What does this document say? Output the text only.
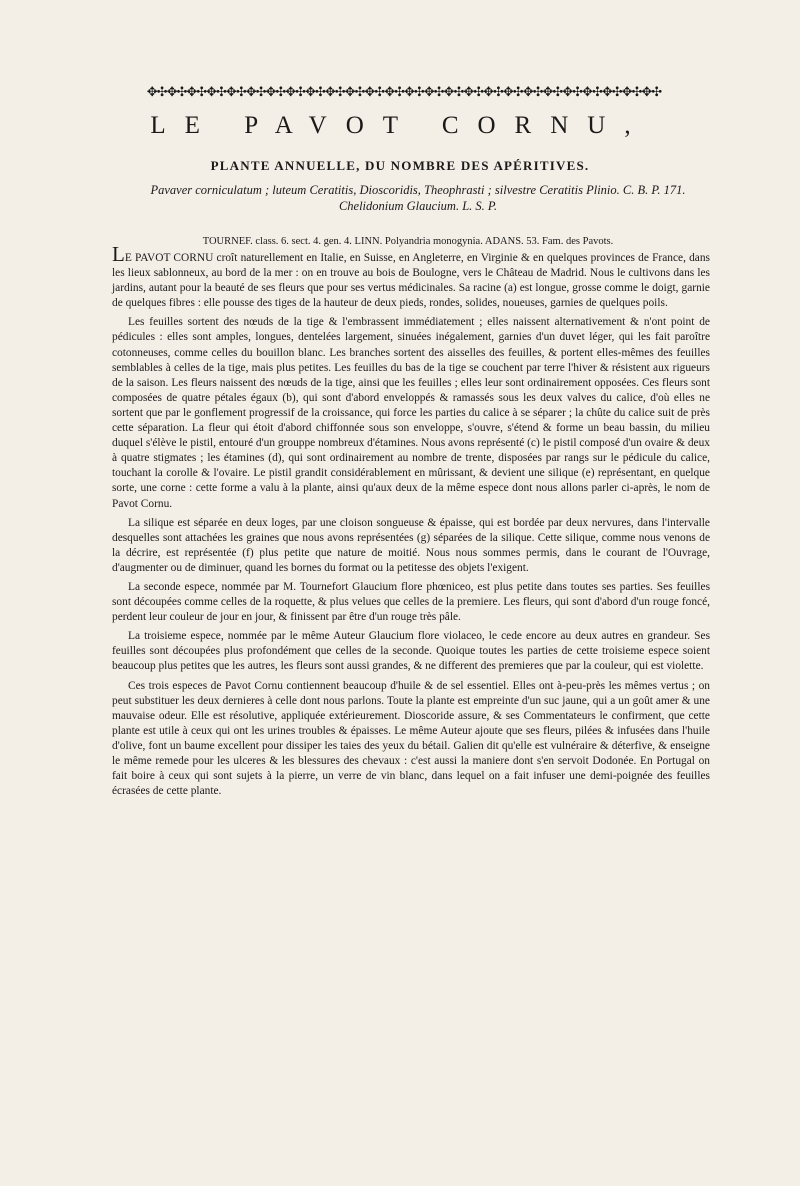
✥✣✥✣✥✣✥✣✥✣✥✣✥✣✥✣✥✣✥✣✥✣✥✣✥✣✥✣✥✣✥✣✥✣✥✣✥✣✥✣✥✣✥✣✥✣✥✣✥✣✥✣
LE PAVOT CORNU,
PLANTE ANNUELLE, DU NOMBRE DES APÉRITIVES.
Pavaver corniculatum ; luteum Ceratitis, Dioscoridis, Theophrasti ; silvestre Ceratitis Plinio. C. B. P. 171.
Chelidonium Glaucium. L. S. P.
TOURNEF. class. 6. sect. 4. gen. 4. LINN. Polyandria monogynia. ADANS. 53. Fam. des Pavots.

LE PAVOT CORNU croît naturellement en Italie, en Suisse, en Angleterre, en Virginie & en quelques provinces de France, dans les lieux sablonneux, au bord de la mer : on en trouve au bois de Boulogne, vers le Château de Madrid. Nous le cultivons dans les jardins, autant pour la beauté de ses fleurs que pour ses vertus médicinales. Sa racine (a) est longue, grosse comme le doigt, garnie de quelques fibres : elle pousse des tiges de la hauteur de deux pieds, rondes, solides, noueuses, garnies de quelques poils.

Les feuilles sortent des nœuds de la tige & l'embrassent immédiatement ; elles naissent alternativement & n'ont point de pédicules : elles sont amples, longues, dentelées largement, sinuées inégalement, garnies d'un duvet léger, qui les fait paroître cotonneuses, comme celles du bouillon blanc. Les branches sortent des aisselles des feuilles, & portent elles-mêmes des feuilles semblables à celles de la tige, mais plus petites. Les feuilles du bas de la tige se couchent par terre l'hiver & résistent aux rigueurs de la saison. Les fleurs naissent des nœuds de la tige, ainsi que les feuilles ; elles leur sont ordinairement opposées. Ces fleurs sont composées de quatre pétales égaux (b), qui sont d'abord enveloppés & ramassés sous les deux valves du calice, d'où elles ne sortent que par le gonflement progressif de la croissance, qui force les parties du calice à se séparer ; la chûte du calice suit de près cette séparation. La fleur qui étoit d'abord chiffonnée sous son enveloppe, s'ouvre, s'étend & forme un beau bassin, du milieu duquel s'élève le pistil, entouré d'un grouppe nombreux d'étamines. Nous avons représenté (c) le pistil composé d'un ovaire & deux à quatre stigmates ; les étamines (d), qui sont ordinairement au nombre de trente, disposées par rangs sur le pédicule du calice, touchant la corolle & l'ovaire. Le pistil grandit considérablement en mûrissant, & devient une silique (e) représentant, en quelque sorte, une corne : cette forme a valu à la plante, ainsi qu'aux deux de la même espece dont nous allons parler ci-après, le nom de Pavot Cornu.

La silique est séparée en deux loges, par une cloison songueuse & épaisse, qui est bordée par deux nervures, dans l'intervalle desquelles sont attachées les graines que nous avons représentées (g) séparées de la silique. Cette silique, comme nous venons de la décrire, est représentée (f) plus petite que nature de moitié. Nous nous sommes permis, dans le courant de l'Ouvrage, d'augmenter ou de diminuer, quand les bornes du format ou la petitesse des objets l'exigent.

La seconde espece, nommée par M. Tournefort Glaucium flore phœniceo, est plus petite dans toutes ses parties. Ses feuilles sont découpées comme celles de la roquette, & plus velues que celles de la premiere. Les fleurs, qui sont d'abord d'un rouge foncé, perdent leur couleur de jour en jour, & finissent par être d'un rouge très pâle.

La troisieme espece, nommée par le même Auteur Glaucium flore violaceo, le cede encore au deux autres en grandeur. Ses feuilles sont découpées plus profondément que celles de la seconde. Quoique toutes les parties de cette troisieme espece soient beaucoup plus petites que les autres, les fleurs sont aussi grandes, & ne different des premieres que par la couleur, qui est violette.

Ces trois especes de Pavot Cornu contiennent beaucoup d'huile & de sel essentiel. Elles ont à-peu-près les mêmes vertus ; on peut substituer les deux dernieres à celle dont nous parlons. Toute la plante est empreinte d'un suc jaune, qui a un goût amer & une mauvaise odeur. Elle est résolutive, appliquée extérieurement. Dioscoride assure, & ses Commentateurs le confirment, que cette plante est utile à ceux qui ont les urines troubles & épaisses. Le même Auteur ajoute que ses fleurs, pilées & infusées dans l'huile d'olive, font un baume excellent pour dissiper les taies des yeux du bétail. Galien dit qu'elle est vulnéraire & déterfive, & enseigne le même remede pour les ulceres & les blessures des chevaux : c'est aussi la maniere dont s'en servoit Dodonée. En Portugal on fait boire à ceux qui sont sujets à la pierre, un verre de vin blanc, dans lequel on a fait infuser une demi-poignée des feuilles écrasées de cette plante.
